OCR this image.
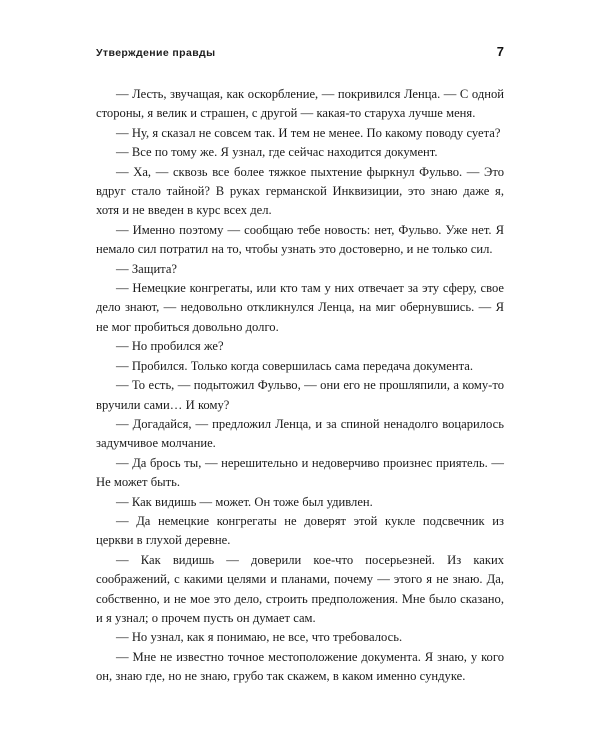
Утверждение правды	7

— Лесть, звучащая, как оскорбление, — покривился Ленца. — С одной стороны, я велик и страшен, с другой — какая-то старуха лучше меня.

— Ну, я сказал не совсем так. И тем не менее. По какому поводу суета?

— Все по тому же. Я узнал, где сейчас находится документ.

— Ха, — сквозь все более тяжкое пыхтение фыркнул Фульво. — Это вдруг стало тайной? В руках германской Инквизиции, это знаю даже я, хотя и не введен в курс всех дел.

— Именно поэтому — сообщаю тебе новость: нет, Фульво. Уже нет. Я немало сил потратил на то, чтобы узнать это достоверно, и не только сил.

— Защита?

— Немецкие конгрегаты, или кто там у них отвечает за эту сферу, свое дело знают, — недовольно откликнулся Ленца, на миг обернувшись. — Я не мог пробиться довольно долго.

— Но пробился же?

— Пробился. Только когда совершилась сама передача документа.

— То есть, — подытожил Фульво, — они его не прошляпили, а кому-то вручили сами… И кому?

— Догадайся, — предложил Ленца, и за спиной ненадолго воцарилось задумчивое молчание.

— Да брось ты, — нерешительно и недоверчиво произнес приятель. — Не может быть.

— Как видишь — может. Он тоже был удивлен.

— Да немецкие конгрегаты не доверят этой кукле подсвечник из церкви в глухой деревне.

— Как видишь — доверили кое-что посерьезней. Из каких соображений, с какими целями и планами, почему — этого я не знаю. Да, собственно, и не мое это дело, строить предположения. Мне было сказано, и я узнал; о прочем пусть он думает сам.

— Но узнал, как я понимаю, не все, что требовалось.

— Мне не известно точное местоположение документа. Я знаю, у кого он, знаю где, но не знаю, грубо так скажем, в каком именно сундуке.
